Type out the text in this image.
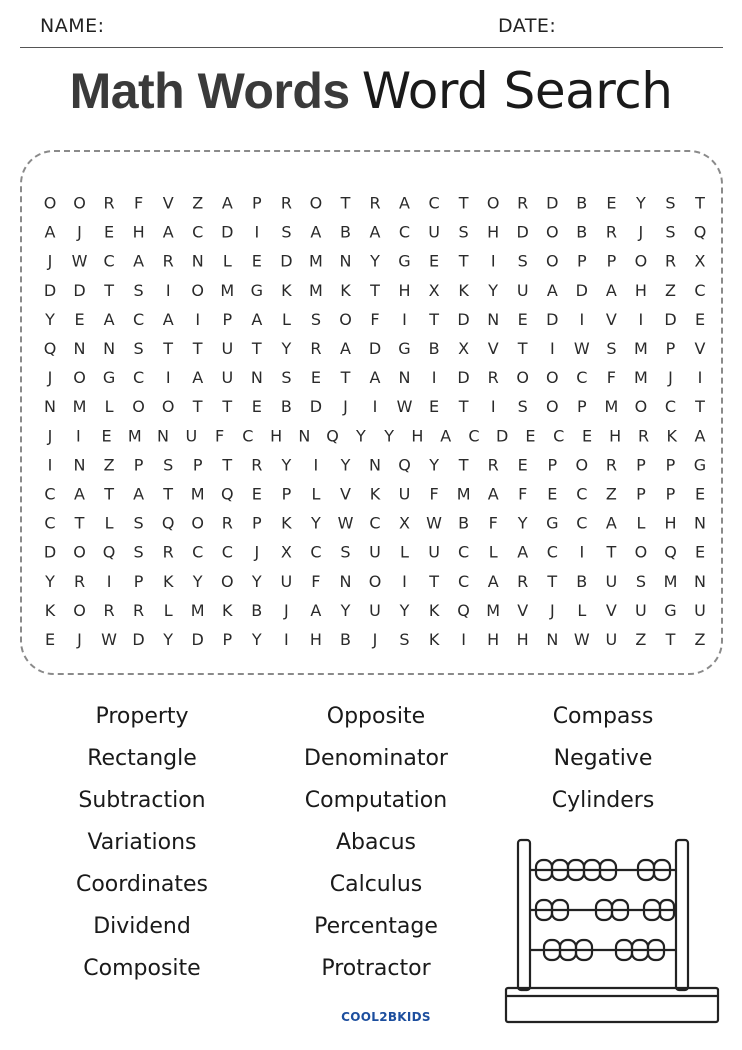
NAME:	DATE:
Math Words Word Search
O O R F V Z A P R O T R A C T O R D B E Y S T
A J E H A C D I S A B A C U S H D O B R J S Q
J W C A R N L E D M N Y G E T I S O P P O R X
D D T S I O M G K M K T H X K Y U A D A H Z C
Y E A C A I P A L S O F I T D N E D I V I D E
Q N N S T T U T Y R A D G B X V T I W S M P V
J O G C I A U N S E T A N I D R O O C F M J I
N M L O O T T E B D J I W E T I S O P M O C T
J I E M N U F C H N Q Y Y H A C D E C E H R K A
I N Z P S P T R Y I Y N Q Y T R E P O R P P G
C A T A T M Q E P L V K U F M A F E C Z P P E
C T L S Q O R P K Y W C X W B F Y G C A L H N
D O Q S R C C J X C S U L U C L A C I T O Q E
Y R I P K Y O Y U F N O I T C A R T B U S M N
K O R R L M K B J A Y U Y K Q M V J L V U G U
E J W D Y D P Y I H B J S K I H H N W U Z T Z
Property
Rectangle
Subtraction
Variations
Coordinates
Dividend
Composite
Opposite
Denominator
Computation
Abacus
Calculus
Percentage
Protractor
Compass
Negative
Cylinders
COOL2BKIDS
